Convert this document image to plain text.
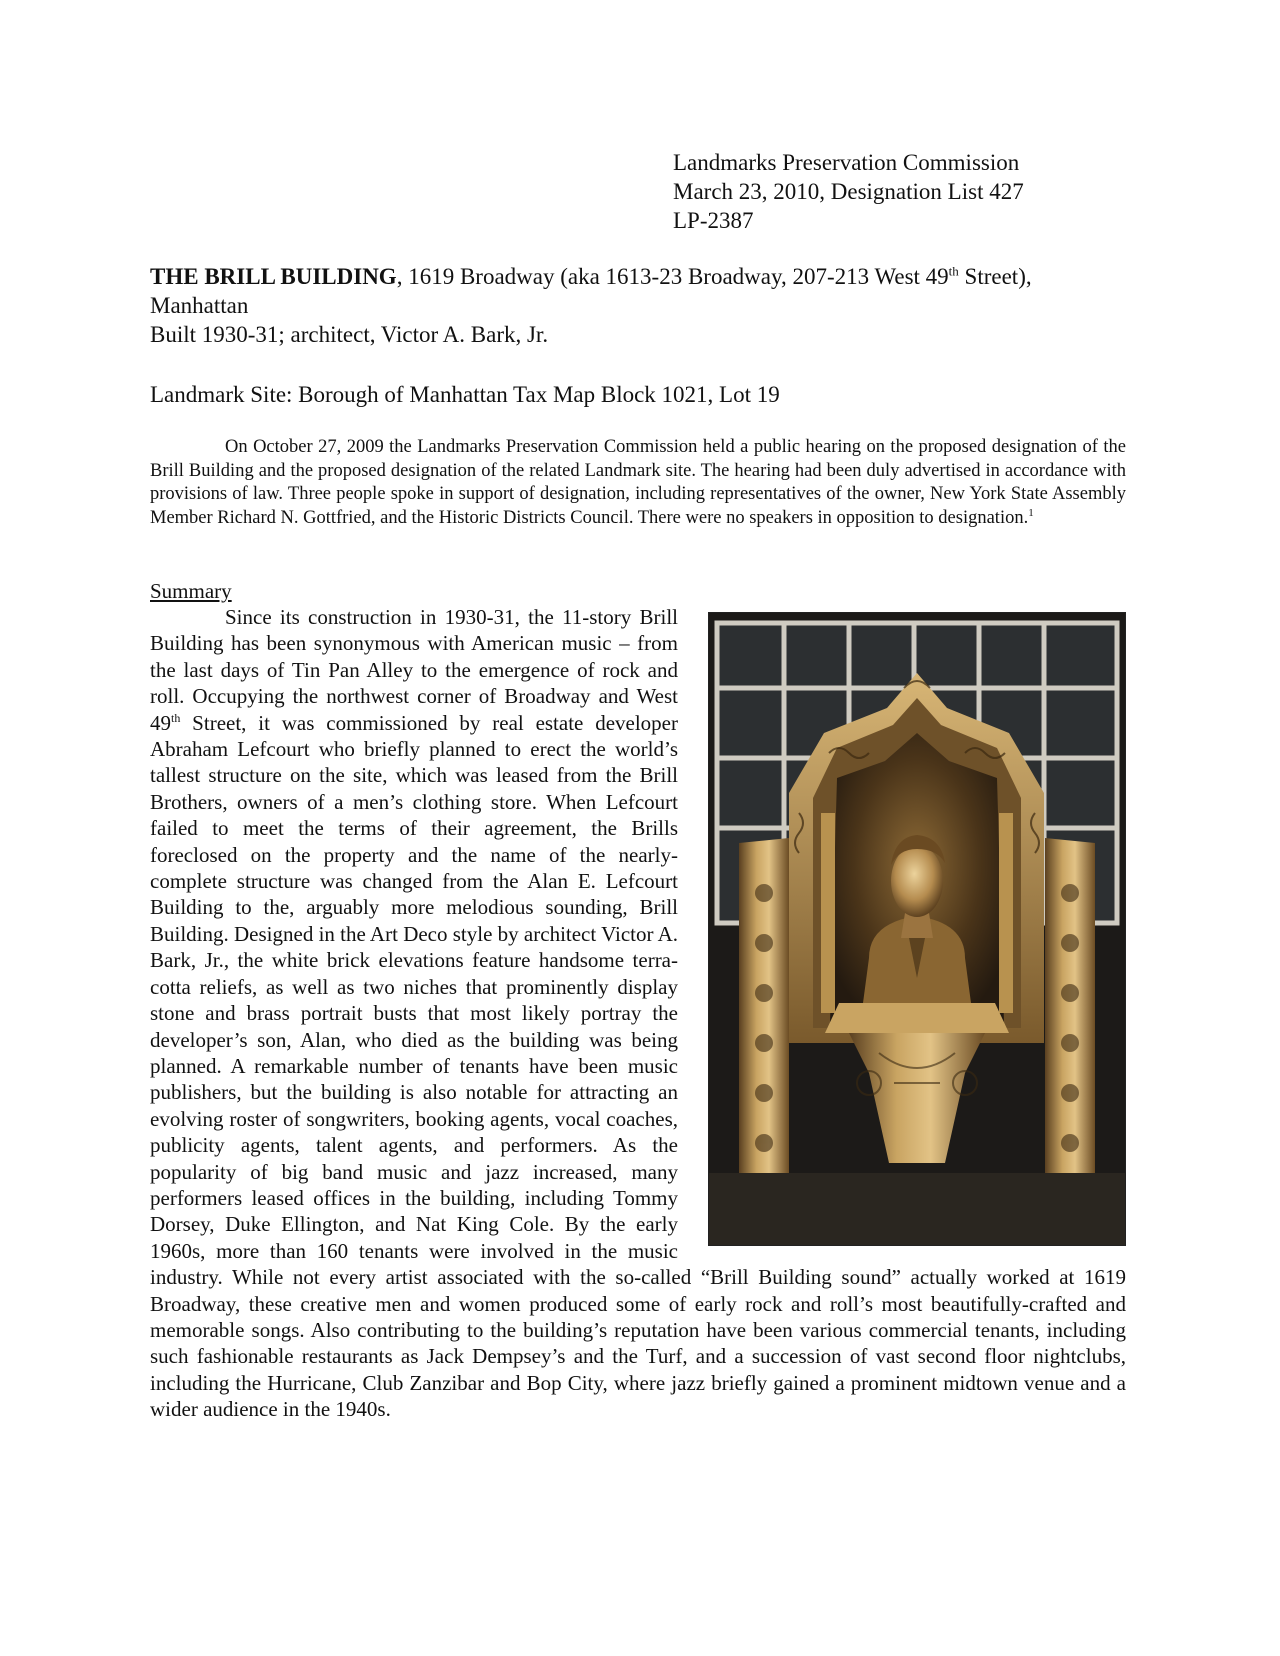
Landmarks Preservation Commission
March 23, 2010, Designation List 427
LP-2387
THE BRILL BUILDING, 1619 Broadway (aka 1613-23 Broadway, 207-213 West 49th Street),
Manhattan
Built 1930-31; architect, Victor A. Bark, Jr.
Landmark Site: Borough of Manhattan Tax Map Block 1021, Lot 19

On October 27, 2009 the Landmarks Preservation Commission held a public hearing on the proposed designation of the Brill Building and the proposed designation of the related Landmark site. The hearing had been duly advertised in accordance with provisions of law. Three people spoke in support of designation, including representatives of the owner, New York State Assembly Member Richard N. Gottfried, and the Historic Districts Council. There were no speakers in opposition to designation.$^1$

Summary

Since its construction in 1930-31, the 11-story Brill Building has been synonymous with American music – from the last days of Tin Pan Alley to the emergence of rock and roll. Occupying the northwest corner of Broadway and West 49th Street, it was commissioned by real estate developer Abraham Lefcourt who briefly planned to erect the world’s tallest structure on the site, which was leased from the Brill Brothers, owners of a men’s clothing store. When Lefcourt failed to meet the terms of their agreement, the Brills foreclosed on the property and the name of the nearly-complete structure was changed from the Alan E. Lefcourt Building to the, arguably more melodious sounding, Brill Building. Designed in the Art Deco style by architect Victor A. Bark, Jr., the white brick elevations feature handsome terra-cotta reliefs, as well as two niches that prominently display stone and brass portrait busts that most likely portray the developer’s son, Alan, who died as the building was being planned. A remarkable number of tenants have been music publishers, but the building is also notable for attracting an evolving roster of songwriters, booking agents, vocal coaches, publicity agents, talent agents, and performers. As the popularity of big band music and jazz increased, many performers leased offices in the building, including Tommy Dorsey, Duke Ellington, and Nat King Cole. By the early 1960s, more than 160 tenants were involved in the music industry. While not every artist associated with the so-called “Brill Building sound” actually worked at 1619 Broadway, these creative men and women produced some of early rock and roll’s most beautifully-crafted and memorable songs. Also contributing to the building’s reputation have been various commercial tenants, including such fashionable restaurants as Jack Dempsey’s and the Turf, and a succession of vast second floor nightclubs, including the Hurricane, Club Zanzibar and Bop City, where jazz briefly gained a prominent midtown venue and a wider audience in the 1940s.
